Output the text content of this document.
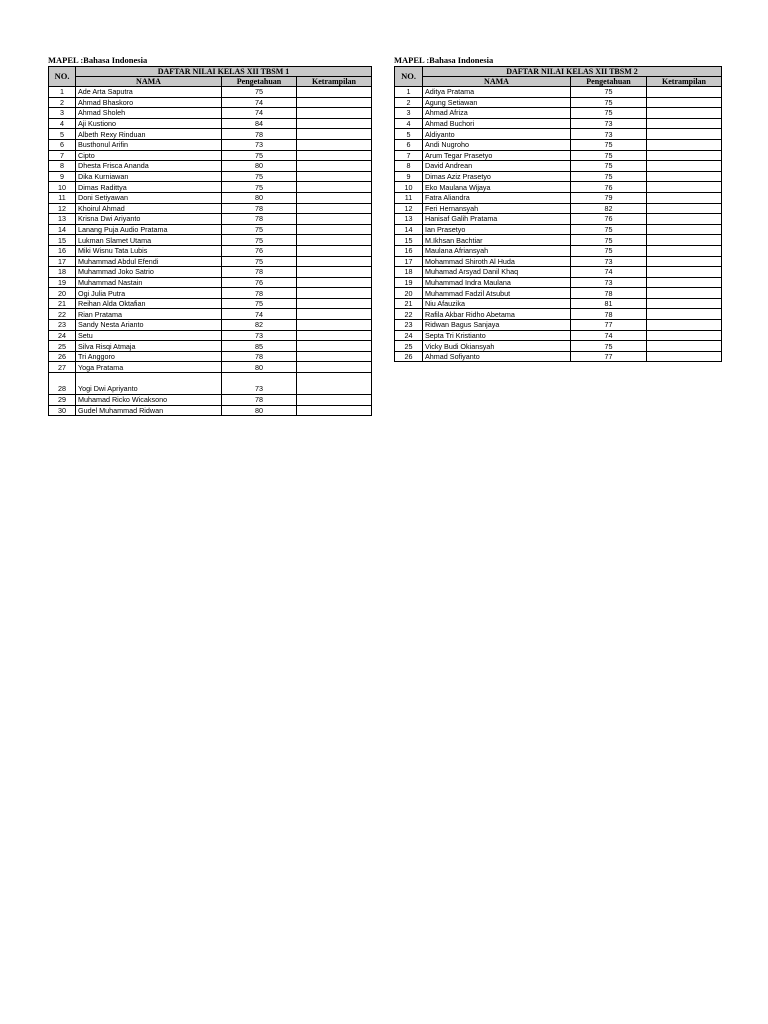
MAPEL :Bahasa Indonesia
NO.	DAFTAR NILAI KELAS XII TBSM 1		
	NAMA	Pengetahuan	Ketrampilan
1	Ade Arta Saputra	75	
2	Ahmad Bhaskoro	74	
3	Ahmad Sholeh	74	
4	Aji Kustiono	84	
5	Albeth Rexy Rinduan	78	
6	Busthonul Arifin	73	
7	Cipto	75	
8	Dhesta Frisca Ananda	80	
9	Dika Kurniawan	75	
10	Dimas Radittya	75	
11	Doni Setiyawan	80	
12	Khoirul Ahmad	78	
13	Krisna Dwi Ariyanto	78	
14	Lanang Puja Audio Pratama	75	
15	Lukman Slamet Utama	75	
16	Miki Wisnu Tata Lubis	76	
17	Muhammad Abdul Efendi	75	
18	Muhammad Joko Satrio	78	
19	Muhammad Nastain	76	
20	Ogi Julia Putra	78	
21	Reihan Alda Oktafian	75	
22	Rian Pratama	74	
23	Sandy Nesta Arianto	82	
24	Setu	73	
25	Silva Risqi Atmaja	85	
26	Tri Anggoro	78	
27	Yoga Pratama	80	
28	Yogi Dwi Apriyanto	73	
29	Muhamad Ricko Wicaksono	78	
30	Gudel Muhammad Ridwan	80	
MAPEL :Bahasa Indonesia
NO.	DAFTAR NILAI KELAS XII TBSM 2		
	NAMA	Pengetahuan	Ketrampilan
1	Aditya Pratama	75	
2	Agung Setiawan	75	
3	Ahmad Afriza	75	
4	Ahmad Buchori	73	
5	Aldiyanto	73	
6	Andi Nugroho	75	
7	Arum Tegar Prasetyo	75	
8	David Andrean	75	
9	Dimas Aziz Prasetyo	75	
10	Eko Maulana Wijaya	76	
11	Fatra Aliandra	79	
12	Feri Hernansyah	82	
13	Hanisaf Galih Pratama	76	
14	Ian Prasetyo	75	
15	M.Ikhsan Bachtiar	75	
16	Maulana Afriansyah	75	
17	Mohammad Shiroth Al Huda	73	
18	Muhamad Arsyad Danil Khaq	74	
19	Muhammad Indra Maulana	73	
20	Muhammad Fadzil Atsubut	78	
21	Niu Afauzika	81	
22	Rafila Akbar Ridho Abetama	78	
23	Ridwan Bagus Sanjaya	77	
24	Septa Tri Kristianto	74	
25	Vicky Budi Okiansyah	75	
26	Ahmad Sofiyanto	77	
